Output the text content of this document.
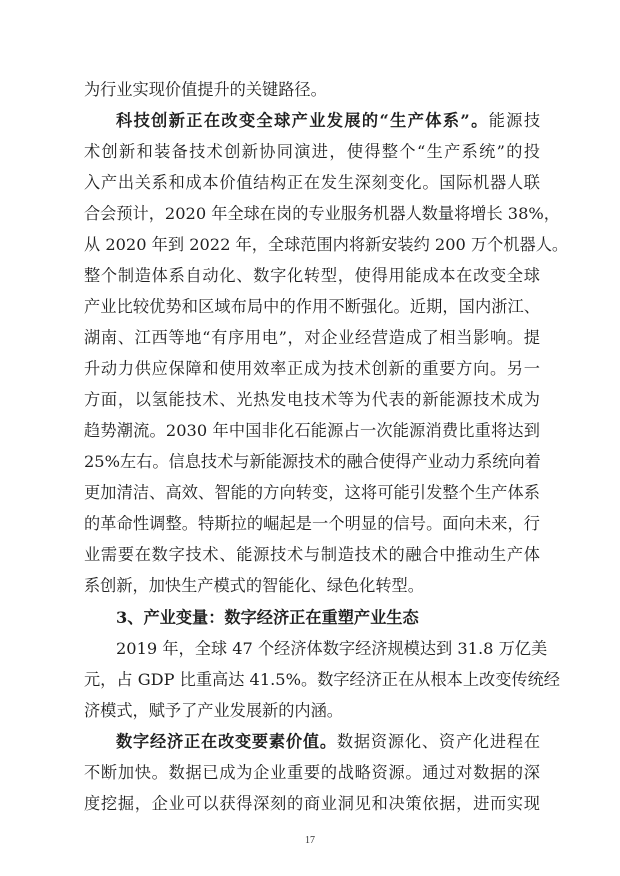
为行业实现价值提升的关键路径。
科技创新正在改变全球产业发展的“生产体系”。能源技
术创新和装备技术创新协同演进，使得整个“生产系统”的投
入产出关系和成本价值结构正在发生深刻变化。国际机器人联
合会预计，2020 年全球在岗的专业服务机器人数量将增长 38%，
从 2020 年到 2022 年，全球范围内将新安装约 200 万个机器人。
整个制造体系自动化、数字化转型，使得用能成本在改变全球
产业比较优势和区域布局中的作用不断强化。近期，国内浙江、
湖南、江西等地“有序用电”，对企业经营造成了相当影响。提
升动力供应保障和使用效率正成为技术创新的重要方向。另一
方面，以氢能技术、光热发电技术等为代表的新能源技术成为
趋势潮流。2030 年中国非化石能源占一次能源消费比重将达到
25%左右。信息技术与新能源技术的融合使得产业动力系统向着
更加清洁、高效、智能的方向转变，这将可能引发整个生产体系
的革命性调整。特斯拉的崛起是一个明显的信号。面向未来，行
业需要在数字技术、能源技术与制造技术的融合中推动生产体
系创新，加快生产模式的智能化、绿色化转型。
3、产业变量：数字经济正在重塑产业生态
2019 年，全球 47 个经济体数字经济规模达到 31.8 万亿美
元，占 GDP 比重高达 41.5%。数字经济正在从根本上改变传统经
济模式，赋予了产业发展新的内涵。
数字经济正在改变要素价值。数据资源化、资产化进程在
不断加快。数据已成为企业重要的战略资源。通过对数据的深
度挖掘，企业可以获得深刻的商业洞见和决策依据，进而实现
17
